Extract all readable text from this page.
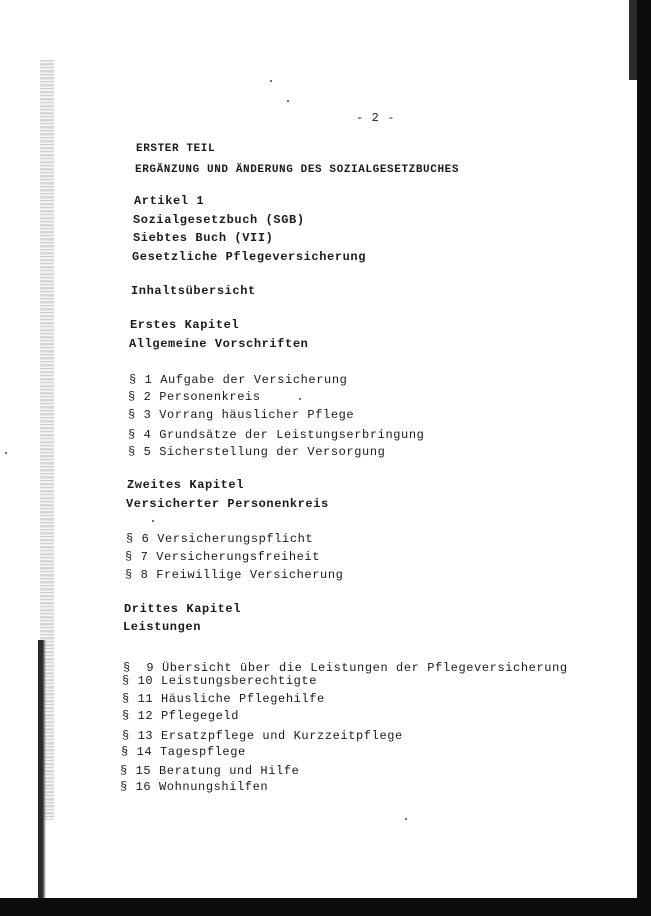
- 2 -
ERSTER TEIL
ERGÄNZUNG UND ÄNDERUNG DES SOZIALGESETZBUCHES
Artikel 1
Sozialgesetzbuch (SGB)
Siebtes Buch (VII)
Gesetzliche Pflegeversicherung
Inhaltsübersicht
Erstes Kapitel
Allgemeine Vorschriften
§ 1 Aufgabe der Versicherung
§ 2 Personenkreis
§ 3 Vorrang häuslicher Pflege
§ 4 Grundsätze der Leistungserbringung
§ 5 Sicherstellung der Versorgung
Zweites Kapitel
Versicherter Personenkreis
§ 6 Versicherungspflicht
§ 7 Versicherungsfreiheit
§ 8 Freiwillige Versicherung
Drittes Kapitel
Leistungen
§  9 Übersicht über die Leistungen der Pflegeversicherung
§ 10 Leistungsberechtigte
§ 11 Häusliche Pflegehilfe
§ 12 Pflegegeld
§ 13 Ersatzpflege und Kurzzeitpflege
§ 14 Tagespflege
§ 15 Beratung und Hilfe
§ 16 Wohnungshilfen
